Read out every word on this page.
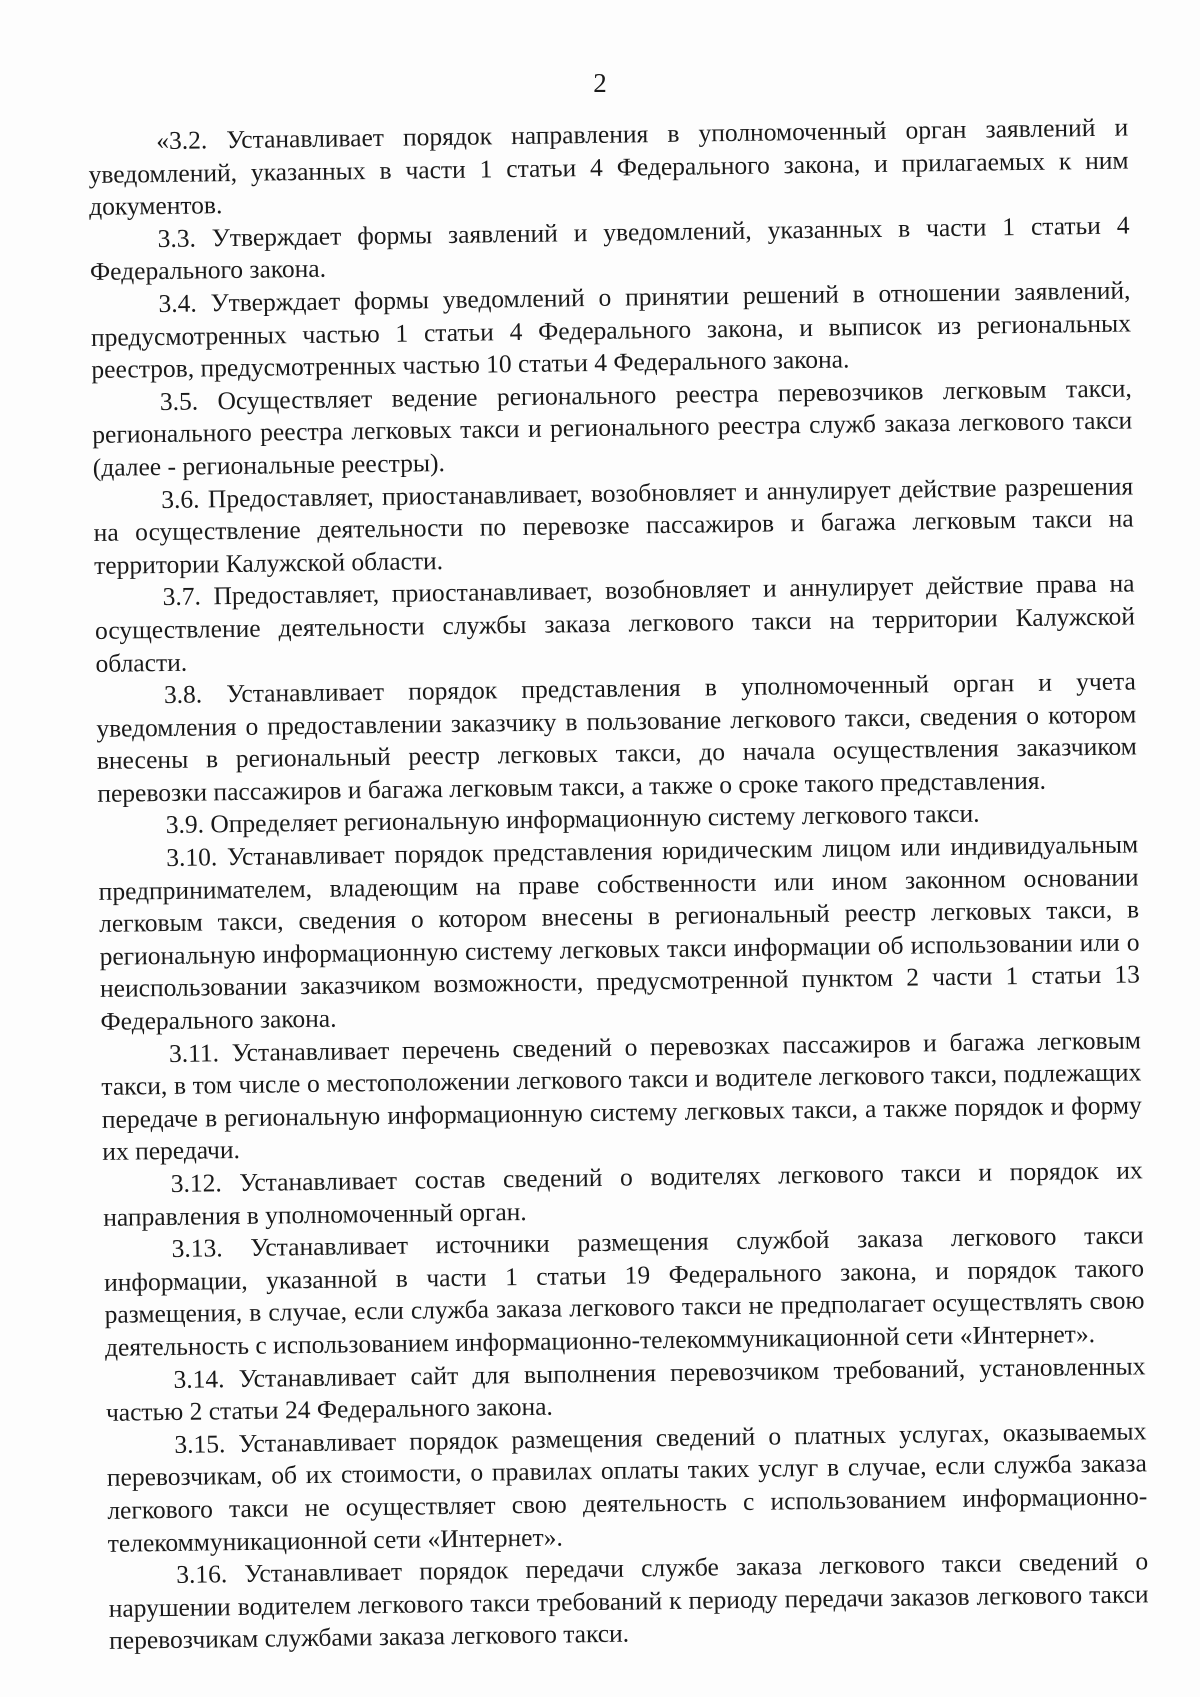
2

«3.2. Устанавливает порядок направления в уполномоченный орган заявлений и уведомлений, указанных в части 1 статьи 4 Федерального закона, и прилагаемых к ним документов.

3.3. Утверждает формы заявлений и уведомлений, указанных в части 1 статьи 4 Федерального закона.

3.4. Утверждает формы уведомлений о принятии решений в отношении заявлений, предусмотренных частью 1 статьи 4 Федерального закона, и выписок из региональных реестров, предусмотренных частью 10 статьи 4 Федерального закона.

3.5. Осуществляет ведение регионального реестра перевозчиков легковым такси, регионального реестра легковых такси и регионального реестра служб заказа легкового такси (далее - региональные реестры).

3.6. Предоставляет, приостанавливает, возобновляет и аннулирует действие разрешения на осуществление деятельности по перевозке пассажиров и багажа легковым такси на территории Калужской области.

3.7. Предоставляет, приостанавливает, возобновляет и аннулирует действие права на осуществление деятельности службы заказа легкового такси на территории Калужской области.

3.8. Устанавливает порядок представления в уполномоченный орган и учета уведомления о предоставлении заказчику в пользование легкового такси, сведения о котором внесены в региональный реестр легковых такси, до начала осуществления заказчиком перевозки пассажиров и багажа легковым такси, а также о сроке такого представления.

3.9. Определяет региональную информационную систему легкового такси.

3.10. Устанавливает порядок представления юридическим лицом или индивидуальным предпринимателем, владеющим на праве собственности или ином законном основании легковым такси, сведения о котором внесены в региональный реестр легковых такси, в региональную информационную систему легковых такси информации об использовании или о неиспользовании заказчиком возможности, предусмотренной пунктом 2 части 1 статьи 13 Федерального закона.

3.11. Устанавливает перечень сведений о перевозках пассажиров и багажа легковым такси, в том числе о местоположении легкового такси и водителе легкового такси, подлежащих передаче в региональную информационную систему легковых такси, а также порядок и форму их передачи.

3.12. Устанавливает состав сведений о водителях легкового такси и порядок их направления в уполномоченный орган.

3.13. Устанавливает источники размещения службой заказа легкового такси информации, указанной в части 1 статьи 19 Федерального закона, и порядок такого размещения, в случае, если служба заказа легкового такси не предполагает осуществлять свою деятельность с использованием информационно-телекоммуникационной сети «Интернет».

3.14. Устанавливает сайт для выполнения перевозчиком требований, установленных частью 2 статьи 24 Федерального закона.

3.15. Устанавливает порядок размещения сведений о платных услугах, оказываемых перевозчикам, об их стоимости, о правилах оплаты таких услуг в случае, если служба заказа легкового такси не осуществляет свою деятельность с использованием информационно-телекоммуникационной сети «Интернет».

3.16. Устанавливает порядок передачи службе заказа легкового такси сведений о нарушении водителем легкового такси требований к периоду передачи заказов легкового такси перевозчикам службами заказа легкового такси.
